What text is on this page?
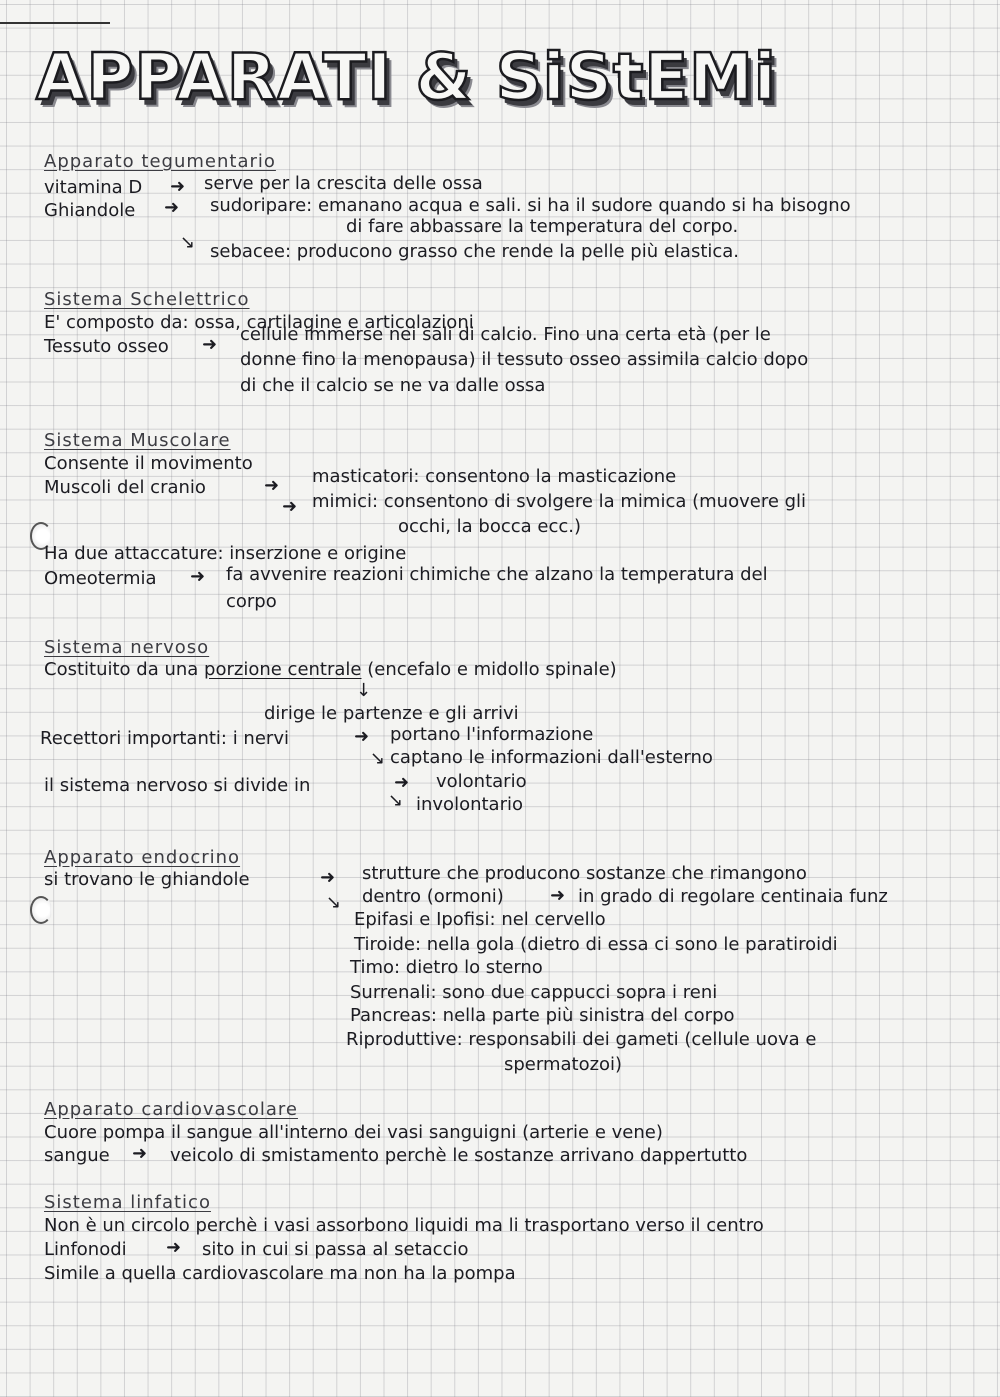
APPARATI & SiStEMi

Apparato tegumentario

vitamina D ➜ serve per la crescita delle ossa

Ghiandole ➜ sudoripare: emanano acqua e sali. si ha il sudore quando si ha bisogno

di fare abbassare la temperatura del corpo.

↘ sebacee: producono grasso che rende la pelle più elastica.

Sistema Schelettrico

E' composto da: ossa, cartilagine e articolazioni

Tessuto osseo ➜ cellule immerse nei sali di calcio. Fino una certa età (per le

donne fino la menopausa) il tessuto osseo assimila calcio dopo

di che il calcio se ne va dalle ossa

Sistema Muscolare

Consente il movimento

Muscoli del cranio	➜ masticatori: consentono la masticazione

➜ mimici: consentono di svolgere la mimica (muovere gli

occhi, la bocca ecc.)

Ha due attaccature: inserzione e origine

Omeotermia ➜ fa avvenire reazioni chimiche che alzano la temperatura del

corpo

Sistema nervoso

Costituito da una porzione centrale (encefalo e midollo spinale)

↓

dirige le partenze e gli arrivi

Recettori importanti: i nervi	➜ portano l'informazione

↘ captano le informazioni dall'esterno

il sistema nervoso si divide in	➜ volontario

↘ involontario

Apparato endocrino

si trovano le ghiandole	➜ strutture che producono sostanze che rimangono

dentro (ormoni)	➜ in grado di regolare centinaia funz

↘

Epifasi e Ipofisi: nel cervello

Tiroide: nella gola (dietro di essa ci sono le paratiroidi

Timo: dietro lo sterno

Surrenali: sono due cappucci sopra i reni

Pancreas: nella parte più sinistra del corpo

Riproduttive: responsabili dei gameti (cellule uova e

spermatozoi)

Apparato cardiovascolare

Cuore pompa il sangue all'interno dei vasi sanguigni (arterie e vene)

sangue ➜ veicolo di smistamento perchè le sostanze arrivano dappertutto

Sistema linfatico

Non è un circolo perchè i vasi assorbono liquidi ma li trasportano verso il centro

Linfonodi ➜ sito in cui si passa al setaccio

Simile a quella cardiovascolare ma non ha la pompa
